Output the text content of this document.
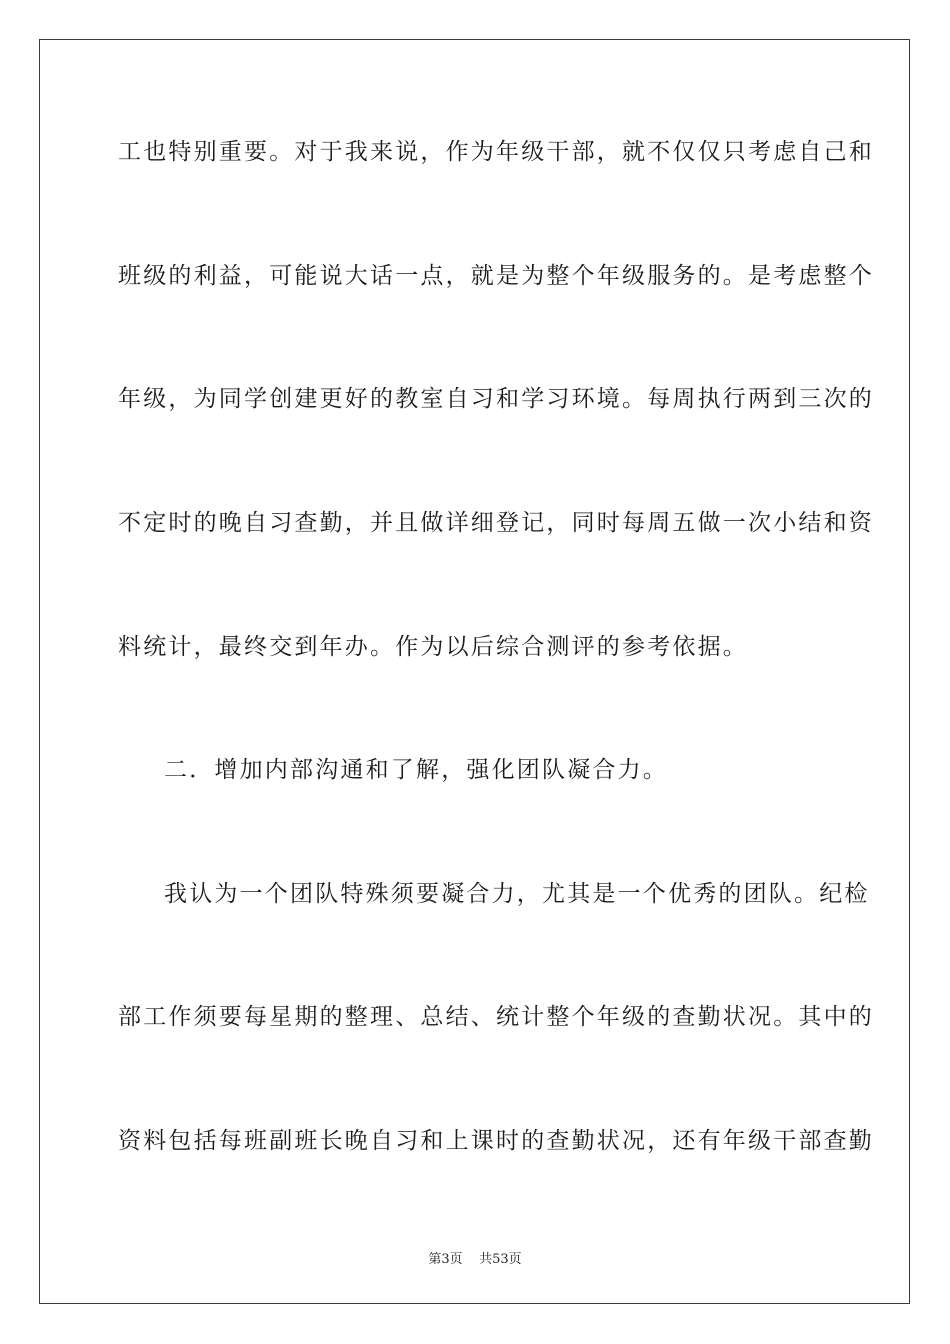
工也特别重要。对于我来说，作为年级干部，就不仅仅只考虑自己和
班级的利益，可能说大话一点，就是为整个年级服务的。是考虑整个
年级，为同学创建更好的教室自习和学习环境。每周执行两到三次的
不定时的晚自习查勤，并且做详细登记，同时每周五做一次小结和资
料统计，最终交到年办。作为以后综合测评的参考依据。
二．增加内部沟通和了解，强化团队凝合力。
我认为一个团队特殊须要凝合力，尤其是一个优秀的团队。纪检
部工作须要每星期的整理、总结、统计整个年级的查勤状况。其中的
资料包括每班副班长晚自习和上课时的查勤状况，还有年级干部查勤
第3页 共53页
